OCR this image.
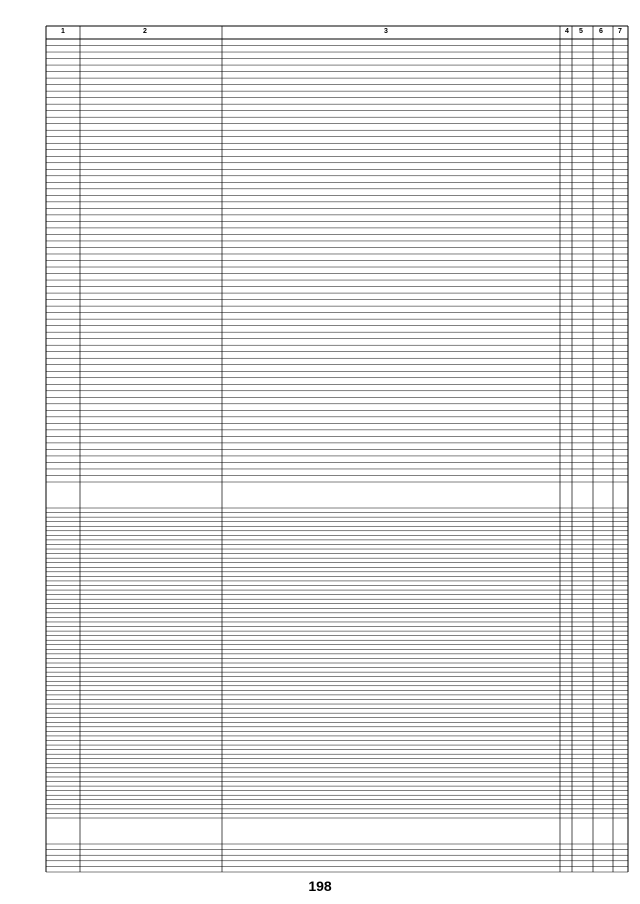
1	2	3	4 5 6 7
198
